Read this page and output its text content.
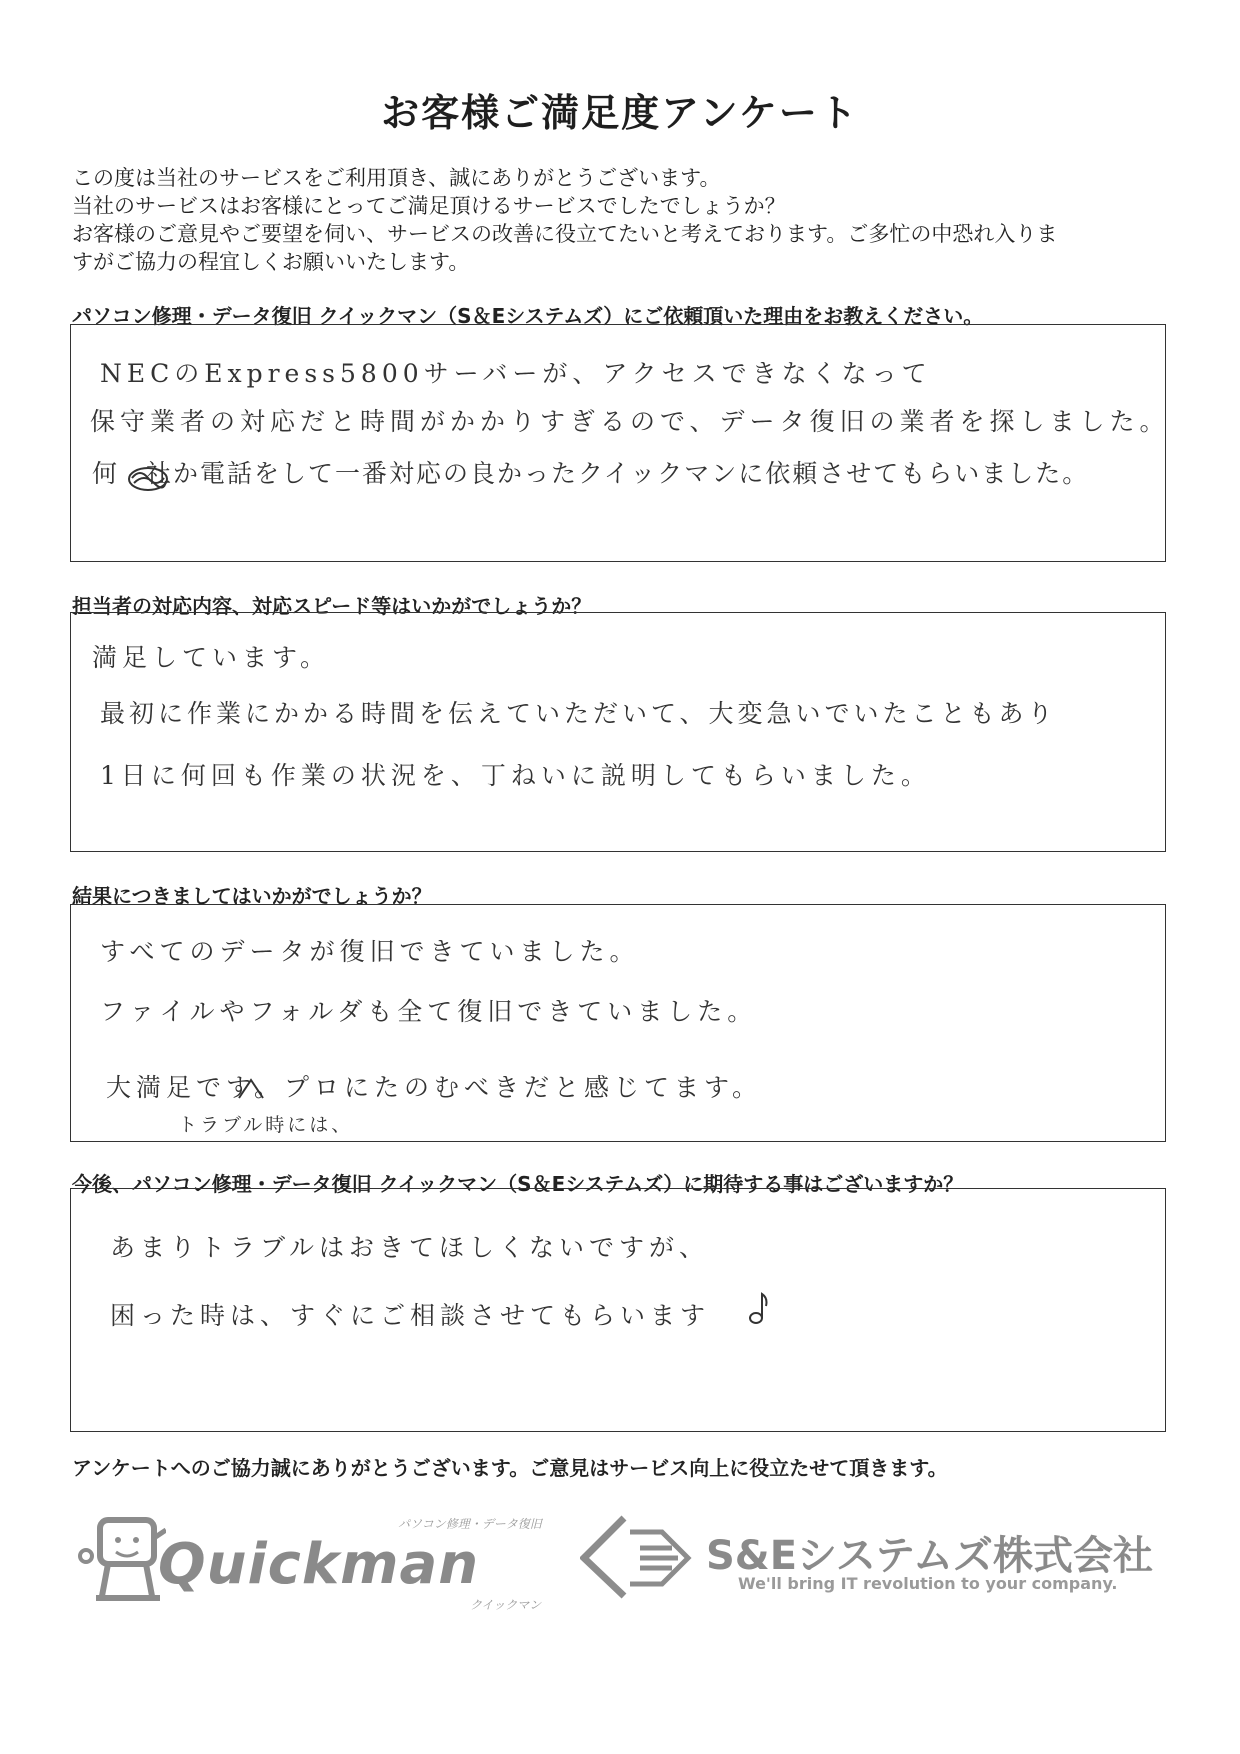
お客様ご満足度アンケート
この度は当社のサービスをご利用頂き、誠にありがとうございます。
当社のサービスはお客様にとってご満足頂けるサービスでしたでしょうか？
お客様のご意見やご要望を伺い、サービスの改善に役立てたいと考えております。ご多忙の中恐れ入りま
すがご協力の程宜しくお願いいたします。
パソコン修理・データ復旧 クイックマン（S＆Eシステムズ）にご依頼頂いた理由をお教えください。
NECのExpress5800サーバーが、アクセスできなくなって
保守業者の対応だと時間がかかりすぎるので、データ復旧の業者を探しました。
何　社か電話をして一番対応の良かったクイックマンに依頼させてもらいました。
担当者の対応内容、対応スピード等はいかがでしょうか？
満足しています。
最初に作業にかかる時間を伝えていただいて、大変急いでいたこともあり
1日に何回も作業の状況を、丁ねいに説明してもらいました。
結果につきましてはいかがでしょうか？
すべてのデータが復旧できていました。
ファイルやフォルダも全て復旧できていました。
大満足です。プロにたのむべきだと感じてます。
トラブル時には、
今後、パソコン修理・データ復旧 クイックマン（S＆Eシステムズ）に期待する事はございますか？
あまりトラブルはおきてほしくないですが、
困った時は、すぐにご相談させてもらいます
アンケートへのご協力誠にありがとうございます。ご意見はサービス向上に役立たせて頂きます。
Quickman
パソコン修理・データ復旧
クイックマン
S&Eシステムズ株式会社
We'll bring IT revolution to your company.
